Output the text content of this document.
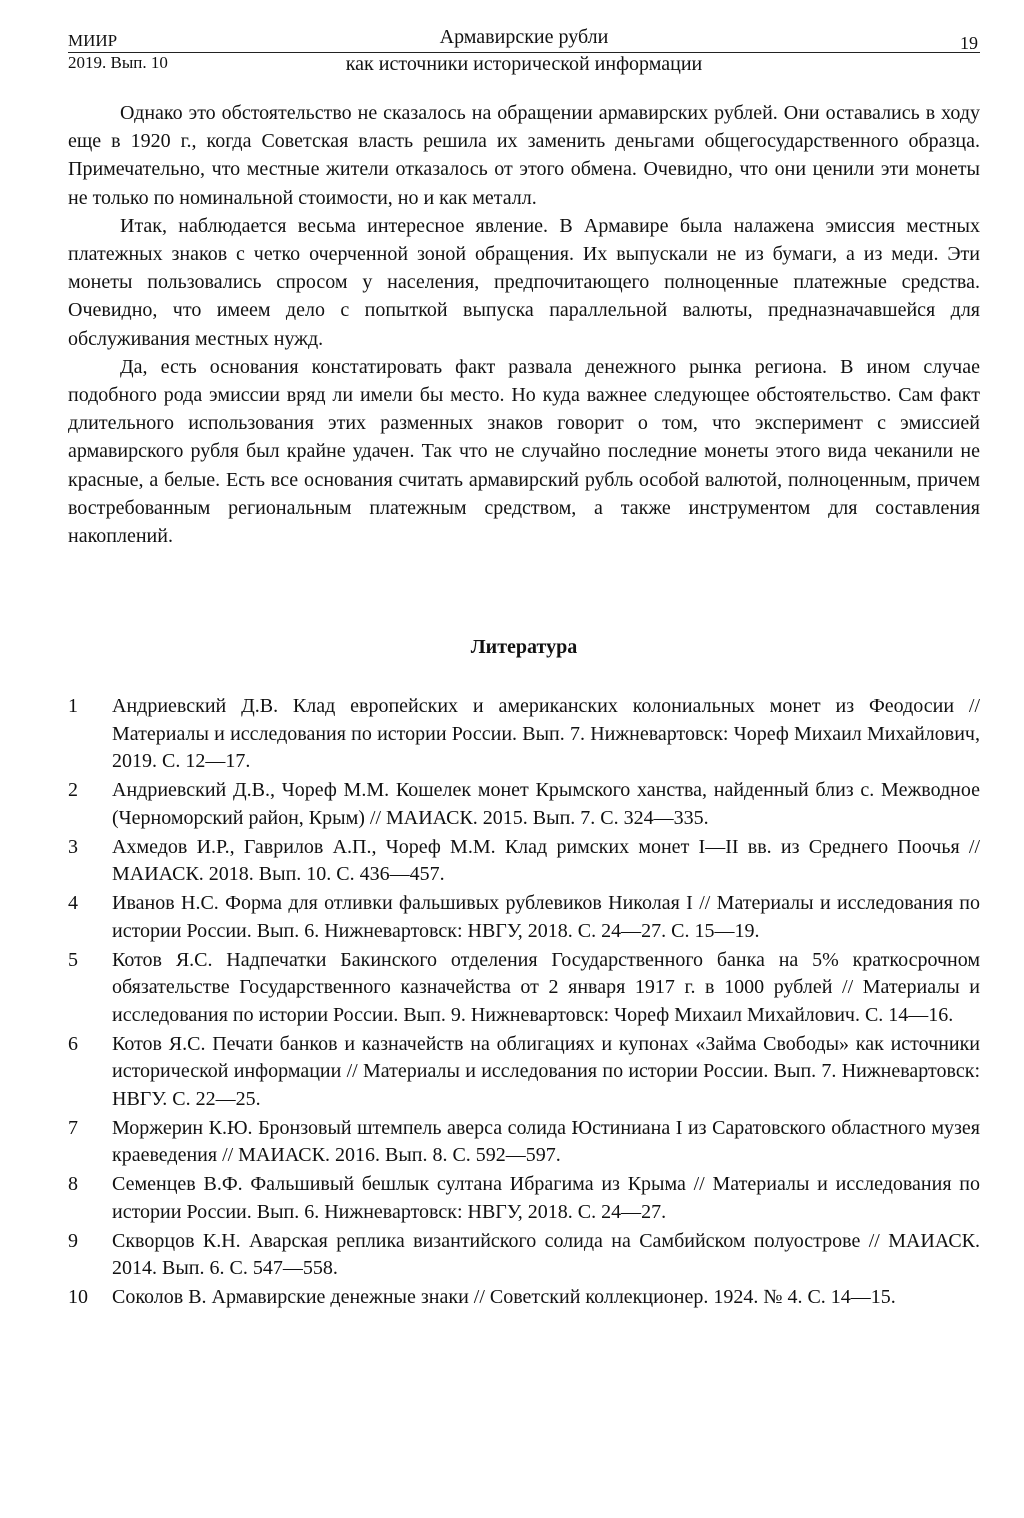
МИИР
2019. Вып. 10
Армавирские рубли
как источники исторической информации
19

Однако это обстоятельство не сказалось на обращении армавирских рублей. Они оставались в ходу еще в 1920 г., когда Советская власть решила их заменить деньгами общегосударственного образца. Примечательно, что местные жители отказалось от этого обмена. Очевидно, что они ценили эти монеты не только по номинальной стоимости, но и как металл.

Итак, наблюдается весьма интересное явление. В Армавире была налажена эмиссия местных платежных знаков с четко очерченной зоной обращения. Их выпускали не из бумаги, а из меди. Эти монеты пользовались спросом у населения, предпочитающего полноценные платежные средства. Очевидно, что имеем дело с попыткой выпуска параллельной валюты, предназначавшейся для обслуживания местных нужд.

Да, есть основания констатировать факт развала денежного рынка региона. В ином случае подобного рода эмиссии вряд ли имели бы место. Но куда важнее следующее обстоятельство. Сам факт длительного использования этих разменных знаков говорит о том, что эксперимент с эмиссией армавирского рубля был крайне удачен. Так что не случайно последние монеты этого вида чеканили не красные, а белые. Есть все основания считать армавирский рубль особой валютой, полноценным, причем востребованным региональным платежным средством, а также инструментом для составления накоплений.

Литература
1	Андриевский Д.В. Клад европейских и американских колониальных монет из Феодосии // Материалы и исследования по истории России. Вып. 7. Нижневартовск: Чореф Михаил Михайлович, 2019. С. 12—17.
2	Андриевский Д.В., Чореф М.М. Кошелек монет Крымского ханства, найденный близ с. Межводное (Черноморский район, Крым) // МАИАСК. 2015. Вып. 7. С. 324—335.
3	Ахмедов И.Р., Гаврилов А.П., Чореф М.М. Клад римских монет I—II вв. из Среднего Поочья // МАИАСК. 2018. Вып. 10. С. 436—457.
4	Иванов Н.С. Форма для отливки фальшивых рублевиков Николая I // Материалы и исследования по истории России. Вып. 6. Нижневартовск: НВГУ, 2018. С. 24—27. С. 15—19.
5	Котов Я.С. Надпечатки Бакинского отделения Государственного банка на 5% краткосрочном обязательстве Государственного казначейства от 2 января 1917 г. в 1000 рублей // Материалы и исследования по истории России. Вып. 9. Нижневартовск: Чореф Михаил Михайлович. С. 14—16.
6	Котов Я.С. Печати банков и казначейств на облигациях и купонах «Займа Свободы» как источники исторической информации // Материалы и исследования по истории России. Вып. 7. Нижневартовск: НВГУ. С. 22—25.
7	Моржерин К.Ю. Бронзовый штемпель аверса солида Юстиниана I из Саратовского областного музея краеведения // МАИАСК. 2016. Вып. 8. С. 592—597.
8	Семенцев В.Ф. Фальшивый бешлык султана Ибрагима из Крыма // Материалы и исследования по истории России. Вып. 6. Нижневартовск: НВГУ, 2018. С. 24—27.
9	Скворцов К.Н. Аварская реплика византийского солида на Самбийском полуострове // МАИАСК. 2014. Вып. 6. С. 547—558.
10	Соколов В. Армавирские денежные знаки // Советский коллекционер. 1924. № 4. С. 14—15.
